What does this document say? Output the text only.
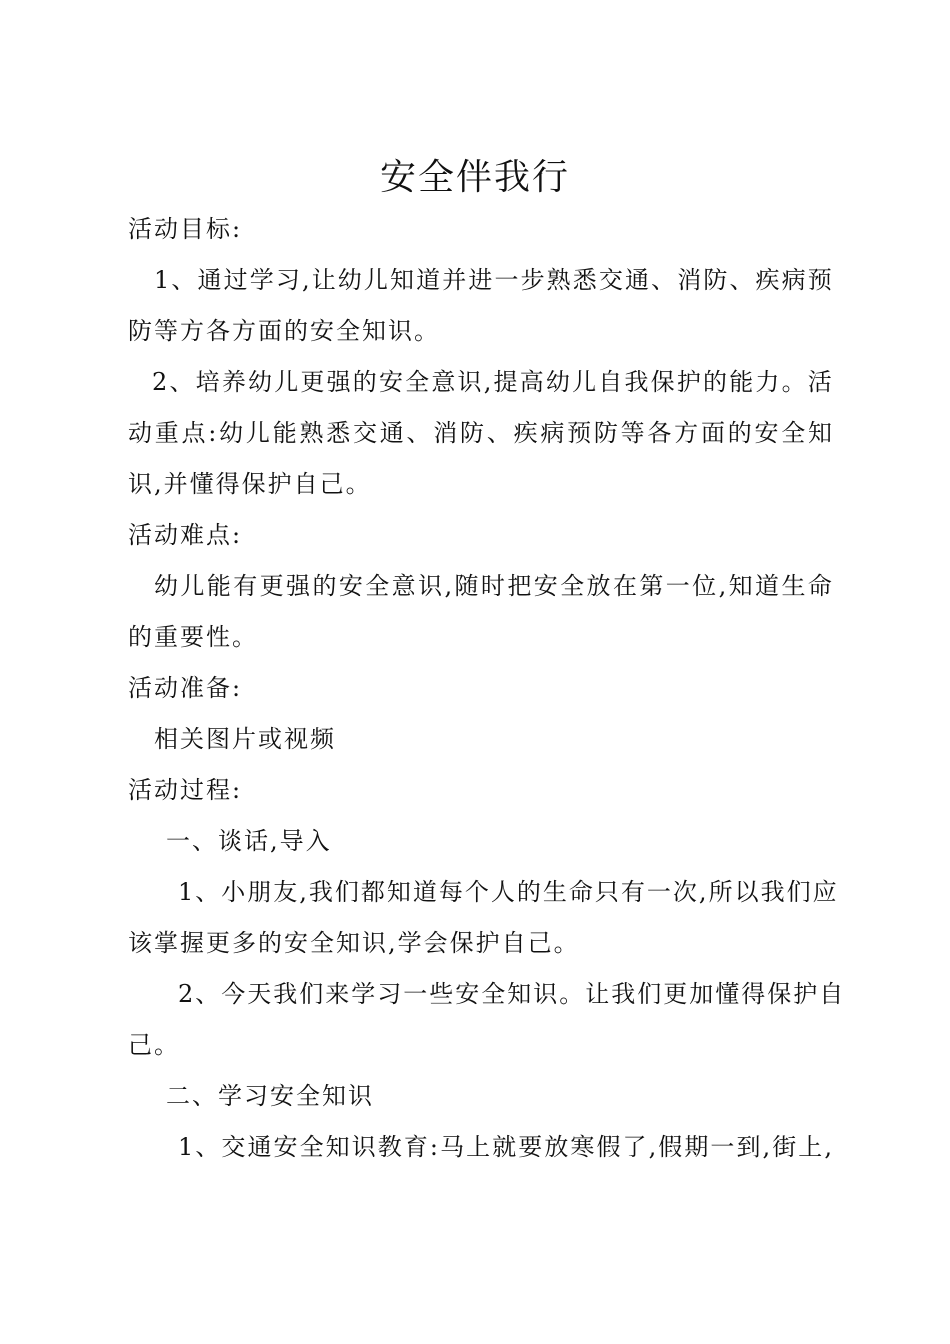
安全伴我行
活动目标:
1 、 通 过 学 习 , 让 幼 儿 知 道 并 进 一 步 熟 悉 交 通 、 消 防 、 疾 病 预
防等方各方面的安全知识。
2 、 培 养 幼 儿 更 强 的 安 全 意 识 , 提 高 幼 儿 自 我 保 护 的 能 力 。 活
动 重 点 : 幼 儿 能 熟 悉 交 通 、 消 防 、 疾 病 预 防 等 各 方 面 的 安 全 知
识,并懂得保护自己。
活动难点:
幼 儿 能 有 更 强 的 安 全 意 识 , 随 时 把 安 全 放 在 第 一 位 , 知 道 生 命
的重要性。
活动准备:
相关图片或视频
活动过程:
一、谈话,导入
1 、 小 朋 友 , 我 们 都 知 道 每 个 人 的 生 命 只 有 一 次 , 所 以 我 们 应
该掌握更多的安全知识,学会保护自己。
2 、 今 天 我 们 来 学 习 一 些 安 全 知 识 。 让 我 们 更 加 懂 得 保 护 自
己。
二、学习安全知识
1 、 交 通 安 全 知 识 教 育 : 马 上 就 要 放 寒 假 了 , 假 期 一 到 , 街 上 ,
